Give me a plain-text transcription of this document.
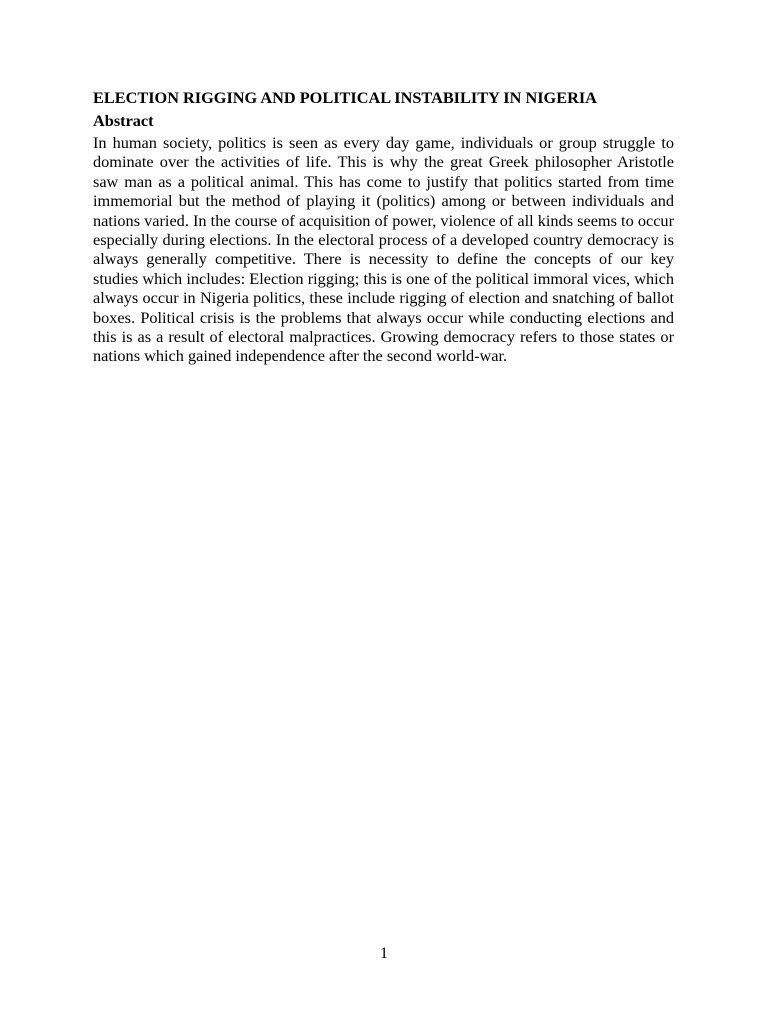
ELECTION RIGGING AND POLITICAL INSTABILITY IN NIGERIA
Abstract

In human society, politics is seen as every day game, individuals or group struggle to dominate over the activities of life. This is why the great Greek philosopher Aristotle saw man as a political animal. This has come to justify that politics started from time immemorial but the method of playing it (politics) among or between individuals and nations varied. In the course of acquisition of power, violence of all kinds seems to occur especially during elections. In the electoral process of a developed country democracy is always generally competitive. There is necessity to define the concepts of our key studies which includes: Election rigging; this is one of the political immoral vices, which always occur in Nigeria politics, these include rigging of election and snatching of ballot boxes. Political crisis is the problems that always occur while conducting elections and this is as a result of electoral malpractices. Growing democracy refers to those states or nations which gained independence after the second world-war.

1
